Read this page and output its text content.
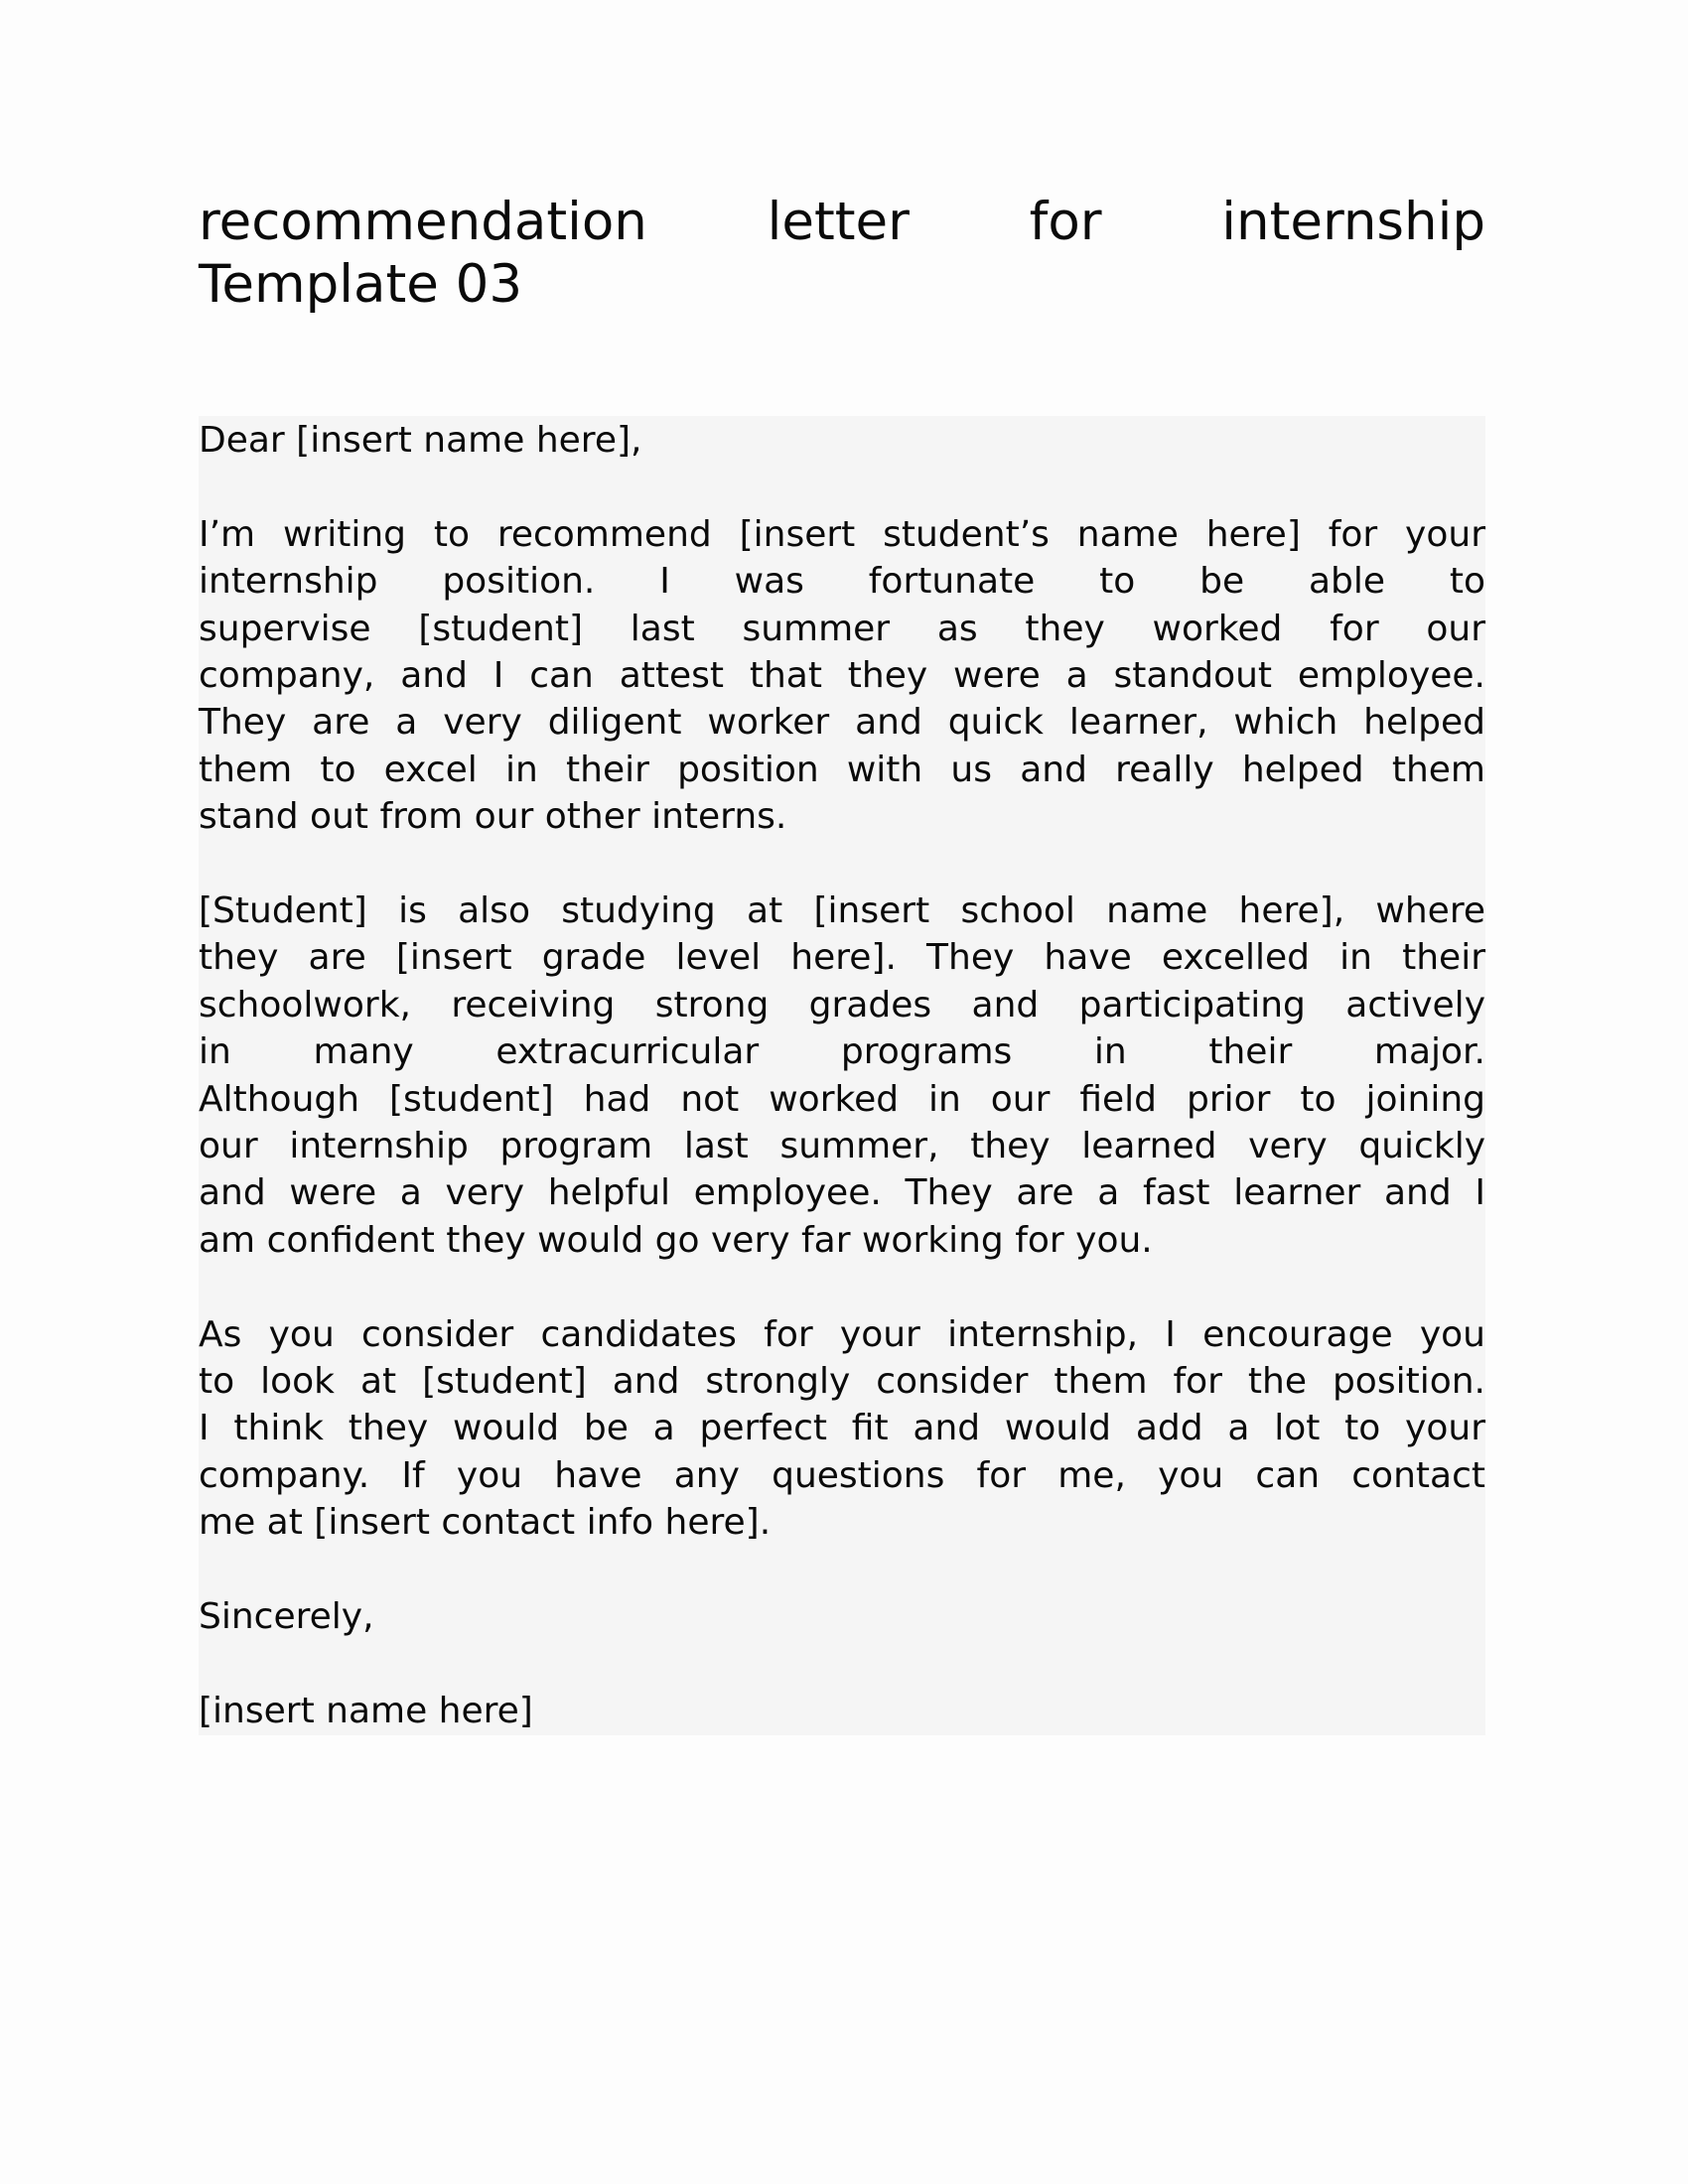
recommendation letter for internship
Template 03

Dear [insert name here],

I’m writing to recommend [insert student’s name here] for your
internship position. I was fortunate to be able to
supervise [student] last summer as they worked for our
company, and I can attest that they were a standout employee.
They are a very diligent worker and quick learner, which helped
them to excel in their position with us and really helped them
stand out from our other interns.

[Student] is also studying at [insert school name here], where
they are [insert grade level here]. They have excelled in their
schoolwork, receiving strong grades and participating actively
in many extracurricular programs in their major.
Although [student] had not worked in our field prior to joining
our internship program last summer, they learned very quickly
and were a very helpful employee. They are a fast learner and I
am confident they would go very far working for you.

As you consider candidates for your internship, I encourage you
to look at [student] and strongly consider them for the position.
I think they would be a perfect fit and would add a lot to your
company. If you have any questions for me, you can contact
me at [insert contact info here].

Sincerely,

[insert name here]
